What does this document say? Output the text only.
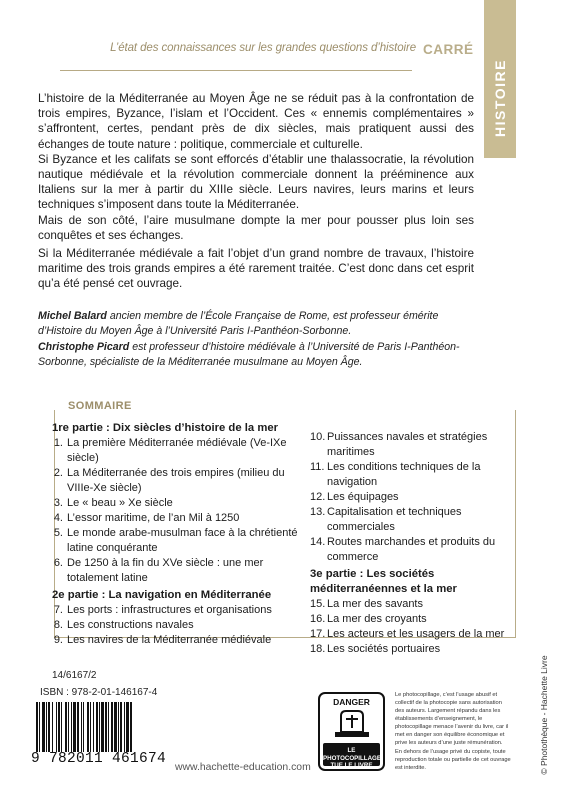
L’état des connaissances sur les grandes questions d’histoire CARRÉ
HISTOIRE

L’histoire de la Méditerranée au Moyen Âge ne se réduit pas à la confrontation de trois empires, Byzance, l’islam et l’Occident. Ces « ennemis complémentaires » s’affrontent, certes, pendant près de dix siècles, mais pratiquent aussi des échanges de toute nature : politique, commerciale et culturelle.

Si Byzance et les califats se sont efforcés d’établir une thalassocratie, la révolution nautique médiévale et la révolution commerciale donnent la prééminence aux Italiens sur la mer à partir du XIIIe siècle. Leurs navires, leurs marins et leurs techniques s’imposent dans toute la Méditerranée.

Mais de son côté, l’aire musulmane dompte la mer pour pousser plus loin ses conquêtes et ses échanges.

Si la Méditerranée médiévale a fait l’objet d’un grand nombre de travaux, l’histoire maritime des trois grands empires a été rarement traitée. C’est donc dans cet esprit qu’a été pensé cet ouvrage.

Michel Balard ancien membre de l’École Française de Rome, est professeur émérite d’Histoire du Moyen Âge à l’Université Paris I-Panthéon-Sorbonne.
Christophe Picard est professeur d’histoire médiévale à l’Université de Paris I-Panthéon-Sorbonne, spécialiste de la Méditerranée musulmane au Moyen Âge.
SOMMAIRE
1re partie : Dix siècles d’histoire de la mer
1. La première Méditerranée médiévale (Ve-IXe siècle)
2. La Méditerranée des trois empires (milieu du VIIIe-Xe siècle)
3. Le « beau » Xe siècle
4. L’essor maritime, de l’an Mil à 1250
5. Le monde arabe-musulman face à la chrétienté latine conquérante
6. De 1250 à la fin du XVe siècle : une mer totalement latine
2e partie : La navigation en Méditerranée
7. Les ports : infrastructures et organisations
8. Les constructions navales
9. Les navires de la Méditerranée médiévale
10. Puissances navales et stratégies maritimes
11. Les conditions techniques de la navigation
12. Les équipages
13. Capitalisation et techniques commerciales
14. Routes marchandes et produits du commerce
3e partie : Les sociétés méditerranéennes et la mer
15. La mer des savants
16. La mer des croyants
17. Les acteurs et les usagers de la mer
18. Les sociétés portuaires
14/6167/2
ISBN : 978-2-01-146167-4
9 782011 461674
www.hachette-education.com
DANGER
LE PHOTOCOPILLAGE TUE LE LIVRE
Le photocopillage, c’est l’usage abusif et collectif de la photocopie sans autorisation des auteurs. Largement répandu dans les établissements d’enseignement, le photocopillage menace l’avenir du livre, car il met en danger son équilibre économique et prive les auteurs d’une juste rémunération.
En dehors de l’usage privé du copiste, toute reproduction totale ou partielle de cet ouvrage est interdite.	© Photothèque - Hachette Livre
